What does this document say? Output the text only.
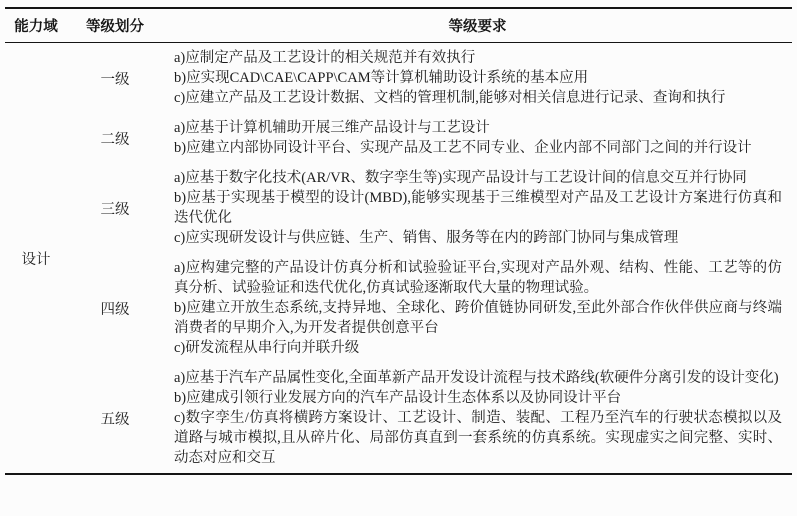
能力域	等级划分	等级要求
设计	一级	a)应制定产品及工艺设计的相关规范并有效执行

b)应实现CAD\CAE\CAPP\CAM等计算机辅助设计系统的基本应用

c)应建立产品及工艺设计数据、文档的管理机制,能够对相关信息进行记录、查询和执行

	二级	a)应基于计算机辅助开展三维产品设计与工艺设计

b)应建立内部协同设计平台、实现产品及工艺不同专业、企业内部不同部门之间的并行设计

	三级	a)应基于数字化技术(AR/VR、数字孪生等)实现产品设计与工艺设计间的信息交互并行协同

b)应基于实现基于模型的设计(MBD),能够实现基于三维模型对产品及工艺设计方案进行仿真和迭代优化

c)应实现研发设计与供应链、生产、销售、服务等在内的跨部门协同与集成管理

	四级	a)应构建完整的产品设计仿真分析和试验验证平台,实现对产品外观、结构、性能、工艺等的仿真分析、试验验证和迭代优化,仿真试验逐渐取代大量的物理试验。

b)应建立开放生态系统,支持异地、全球化、跨价值链协同研发,至此外部合作伙伴供应商与终端消费者的早期介入,为开发者提供创意平台

c)研发流程从串行向并联升级

	五级	a)应基于汽车产品属性变化,全面革新产品开发设计流程与技术路线(软硬件分离引发的设计变化)

b)应建成引领行业发展方向的汽车产品设计生态体系以及协同设计平台

c)数字孪生/仿真将横跨方案设计、工艺设计、制造、装配、工程乃至汽车的行驶状态模拟以及道路与城市模拟,且从碎片化、局部仿真直到一套系统的仿真系统。实现虚实之间完整、实时、动态对应和交互
